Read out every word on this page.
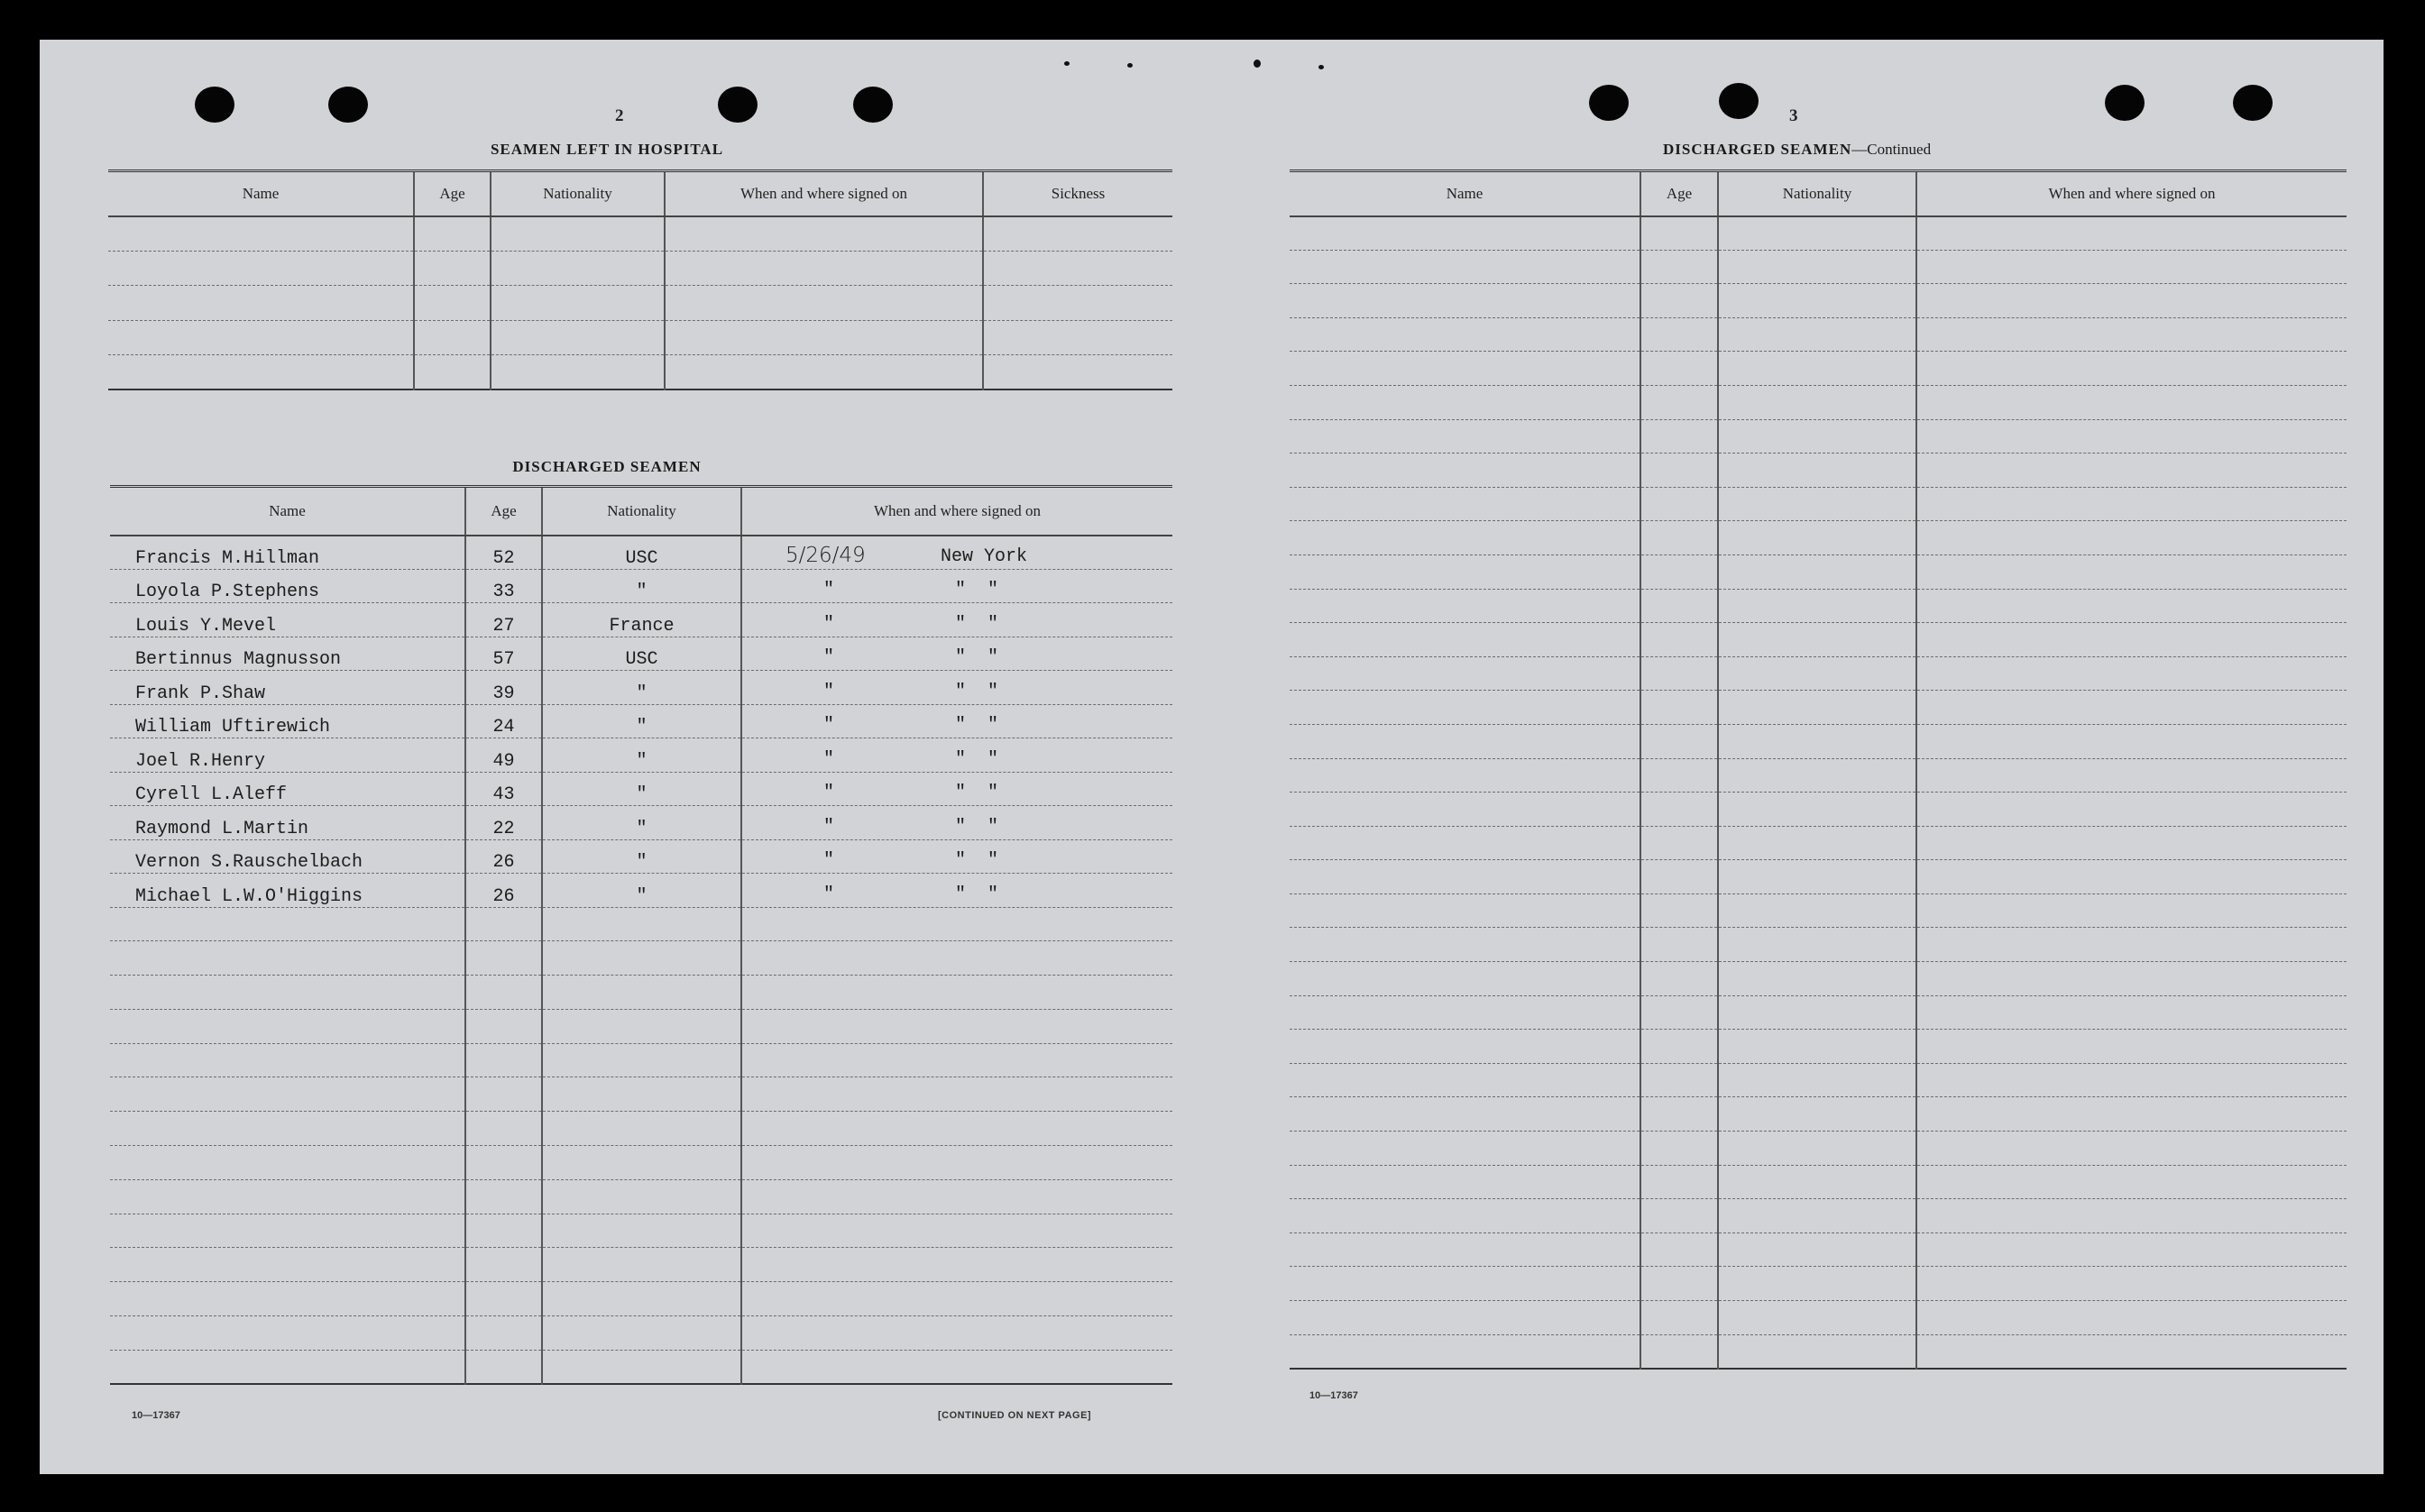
2
SEAMEN LEFT IN HOSPITAL
Name	Age	Nationality	When and where signed on	Sickness

DISCHARGED SEAMEN
Name	Age	Nationality	When and where signed on
Francis M.Hillman	52	USC	5/26/49 New York

Loyola P.Stephens	33	"	" "  "

Louis Y.Mevel	27	France	" "  "

Bertinnus Magnusson	57	USC	" "  "

Frank P.Shaw	39	"	" "  "

William Uftirewich	24	"	" "  "

Joel R.Henry	49	"	" "  "

Cyrell L.Aleff	43	"	" "  "

Raymond L.Martin	22	"	" "  "

Vernon S.Rauschelbach	26	"	" "  "

Michael L.W.O'Higgins	26	"	" "  "

10—17367	[CONTINUED ON NEXT PAGE]
3
DISCHARGED SEAMEN—Continued
Name	Age	Nationality	When and where signed on

10—17367
